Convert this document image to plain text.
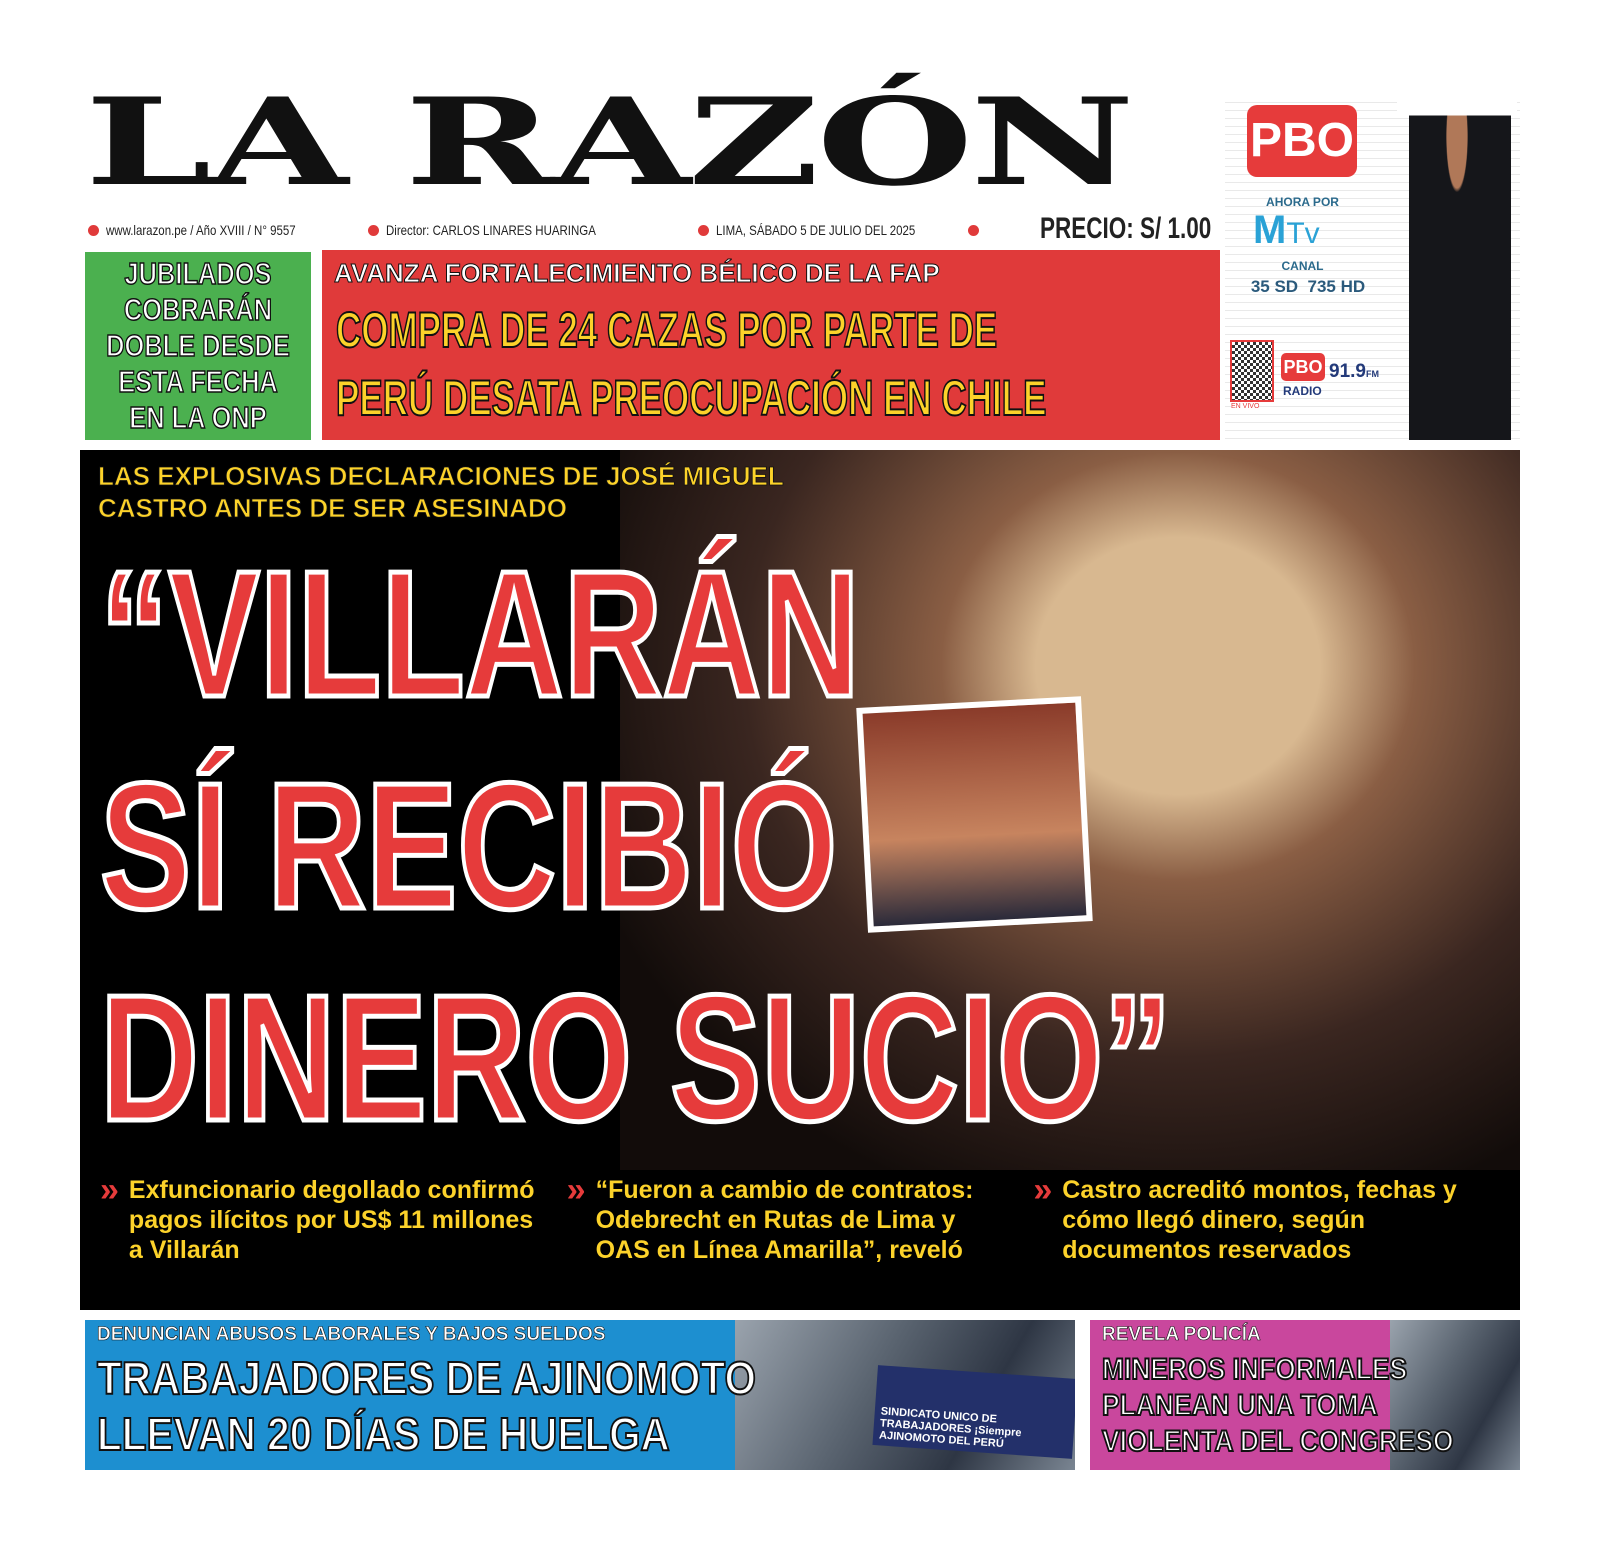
LA RAZÓN
www.larazon.pe / Año XVIII / N° 9557	Director: CARLOS LINARES HUARINGA	LIMA, SÁBADO 5 DE JULIO DEL 2025	PRECIO: S/ 1.00
JUBILADOS
COBRARÁN
DOBLE DESDE
ESTA FECHA
EN LA ONP
AVANZA FORTALECIMIENTO BÉLICO DE LA FAP
COMPRA DE 24 CAZAS POR PARTE DE
PERÚ DESATA PREOCUPACIÓN EN CHILE
PBO
AHORA POR
MTv
CANAL
35 SD  735 HD
EN VIVO
PBO
RADIO
91.9FM
LAS EXPLOSIVAS DECLARACIONES DE JOSÉ MIGUEL
CASTRO ANTES DE SER ASESINADO
“VILLARÁN
SÍ RECIBIÓ
DINERO SUCIO”
» Exfuncionario degollado confirmó pagos ilícitos por US$ 11 millones a Villarán
» “Fueron a cambio de contratos: Odebrecht en Rutas de Lima y OAS en Línea Amarilla”, reveló
» Castro acreditó montos, fechas y cómo llegó dinero, según documentos reservados
SINDICATO UNICO DE TRABAJADORES ¡Siempre AJINOMOTO DEL PERÚ
DENUNCIAN ABUSOS LABORALES Y BAJOS SUELDOS
TRABAJADORES DE AJINOMOTO
LLEVAN 20 DÍAS DE HUELGA
REVELA POLICÍA
MINEROS INFORMALES
PLANEAN UNA TOMA
VIOLENTA DEL CONGRESO
